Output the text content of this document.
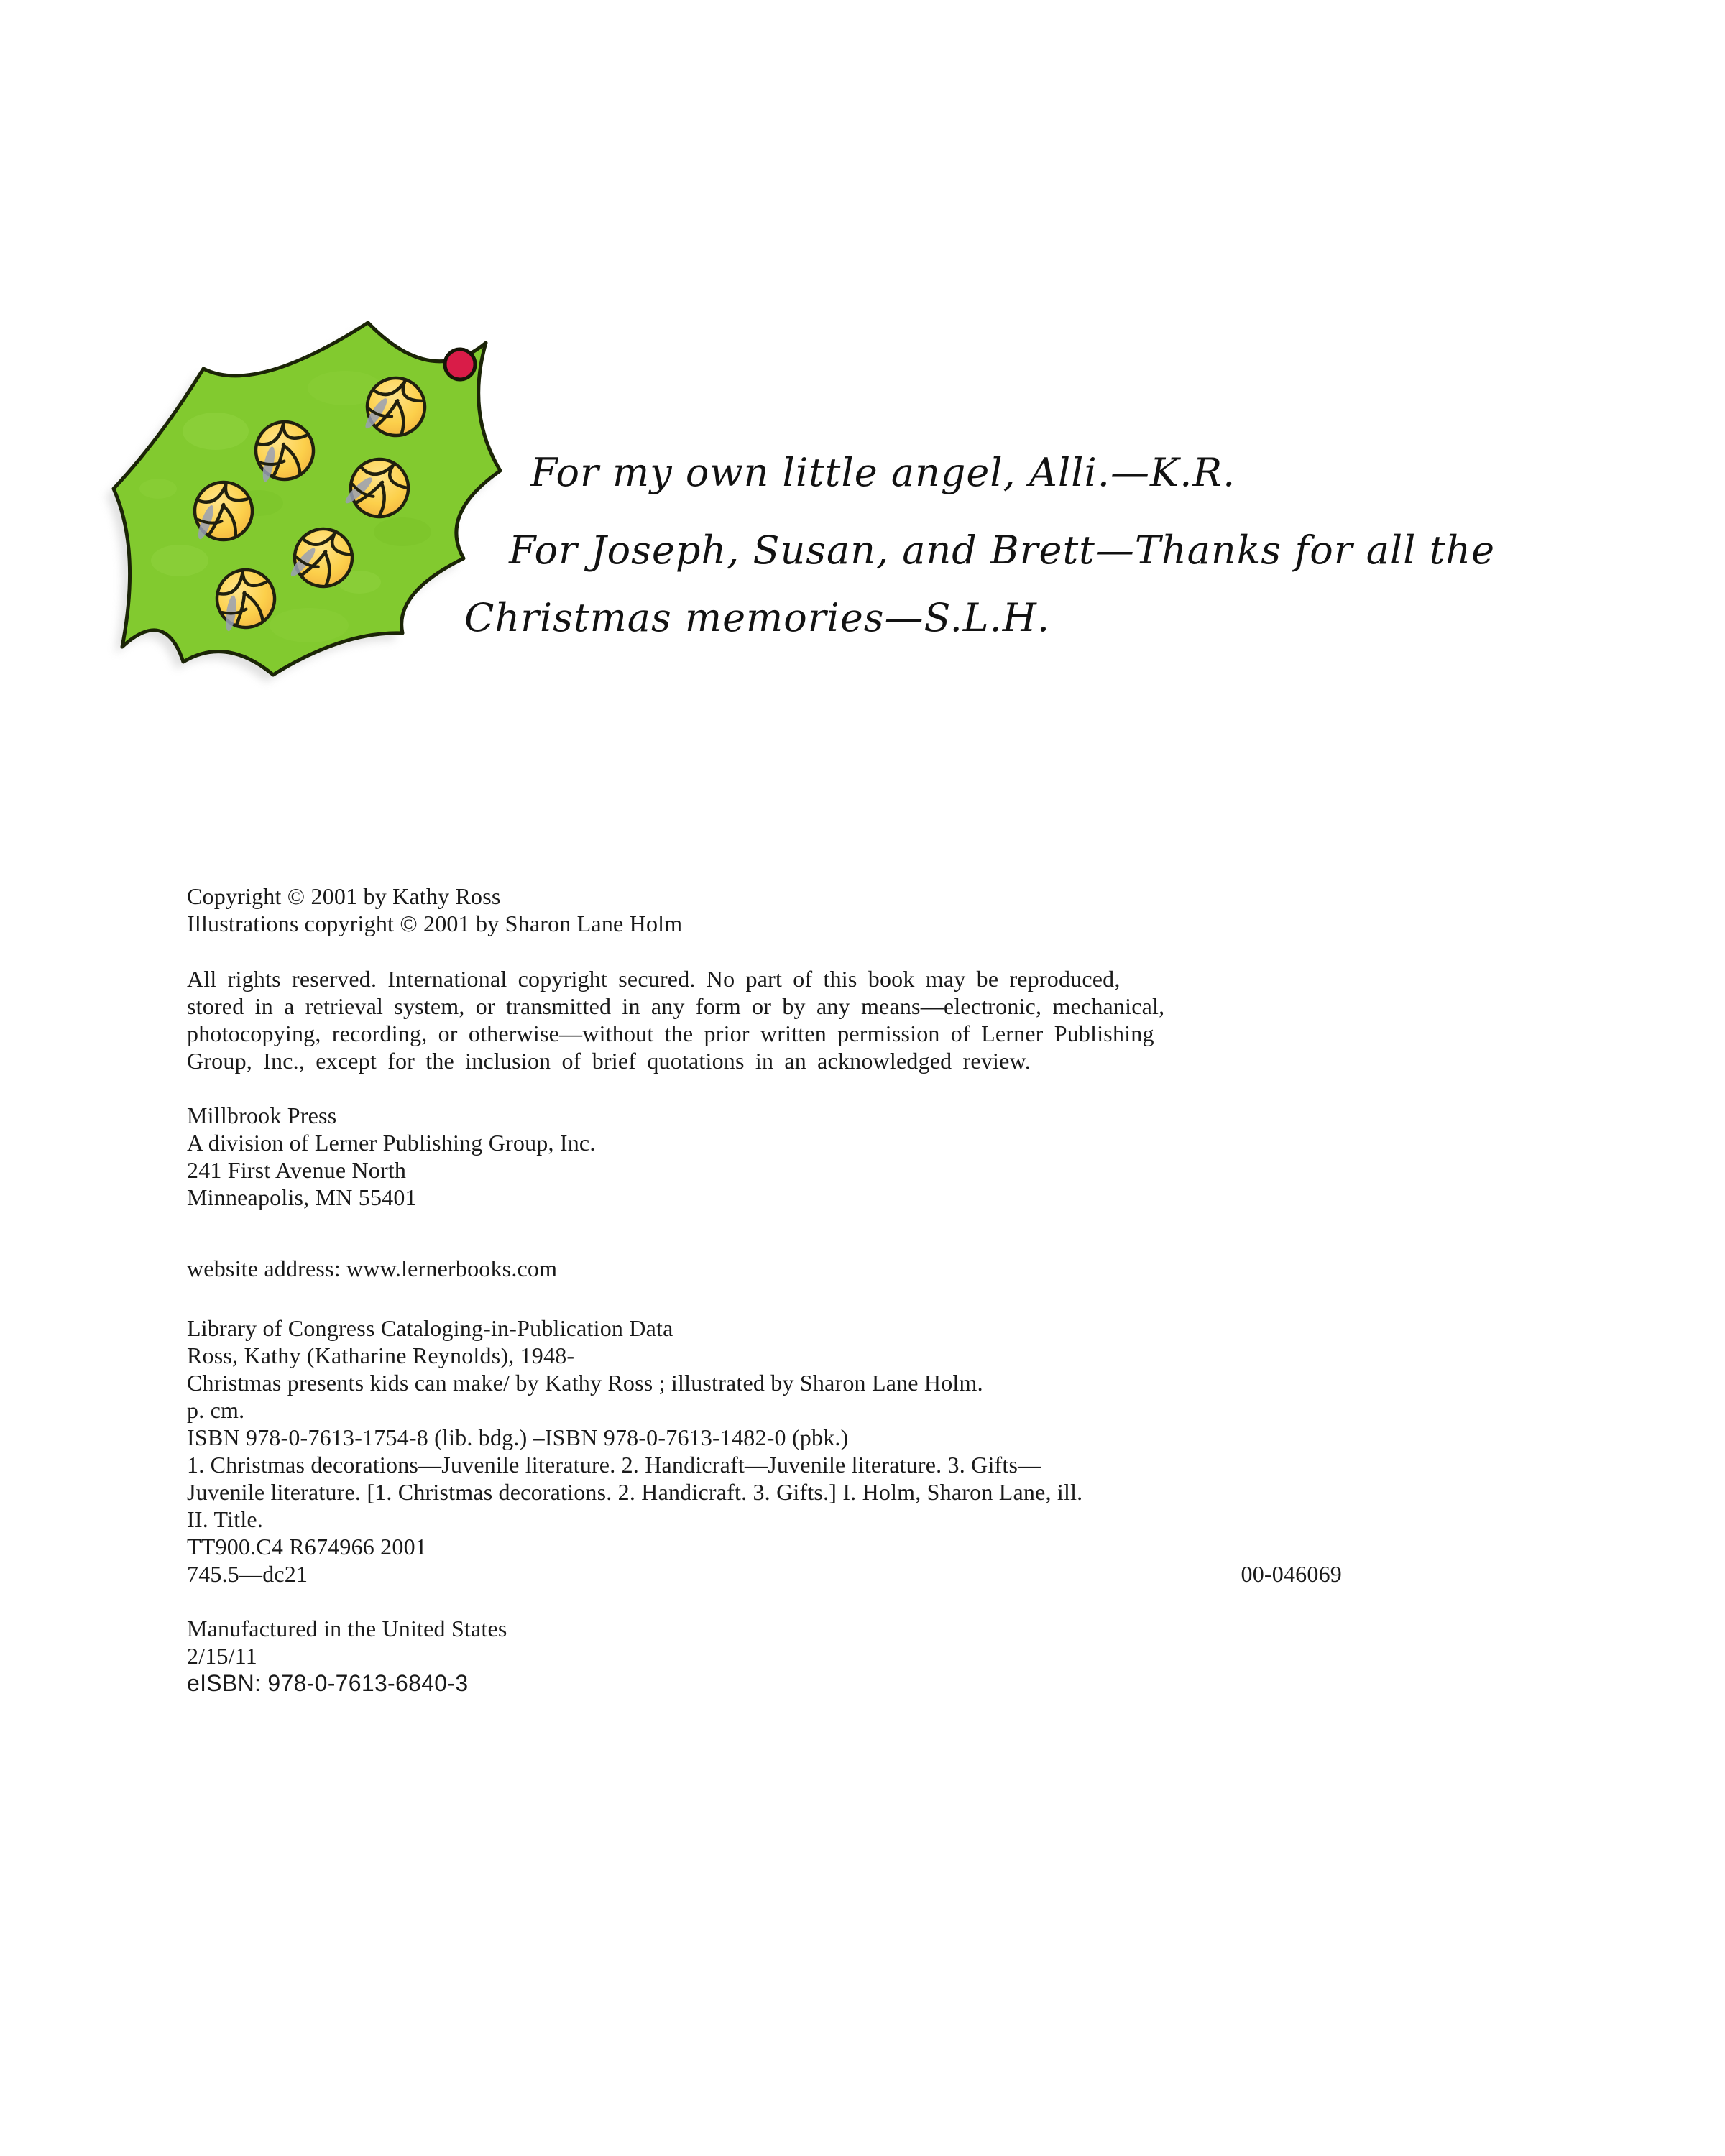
For my own little angel, Alli.—K.R.
For Joseph, Susan, and Brett—Thanks for all the
Christmas memories—S.L.H.
Copyright © 2001 by Kathy Ross
Illustrations copyright © 2001 by Sharon Lane Holm
All rights reserved. International copyright secured. No part of this book may be reproduced,
stored in a retrieval system, or transmitted in any form or by any means—electronic, mechanical,
photocopying, recording, or otherwise—without the prior written permission of Lerner Publishing
Group, Inc., except for the inclusion of brief quotations in an acknowledged review.
Millbrook Press
A division of Lerner Publishing Group, Inc.
241 First Avenue North
Minneapolis, MN 55401
website address: www.lernerbooks.com
Library of Congress Cataloging-in-Publication Data
Ross, Kathy (Katharine Reynolds), 1948-
Christmas presents kids can make/ by Kathy Ross ; illustrated by Sharon Lane Holm.
p. cm.
ISBN 978-0-7613-1754-8 (lib. bdg.) –ISBN 978-0-7613-1482-0 (pbk.)
1. Christmas decorations—Juvenile literature. 2. Handicraft—Juvenile literature. 3. Gifts—
Juvenile literature. [1. Christmas decorations. 2. Handicraft. 3. Gifts.] I. Holm, Sharon Lane, ill.
II. Title.
TT900.C4 R674966 2001
745.5—dc21	00-046069
Manufactured in the United States
2/15/11
eISBN: 978-0-7613-6840-3
